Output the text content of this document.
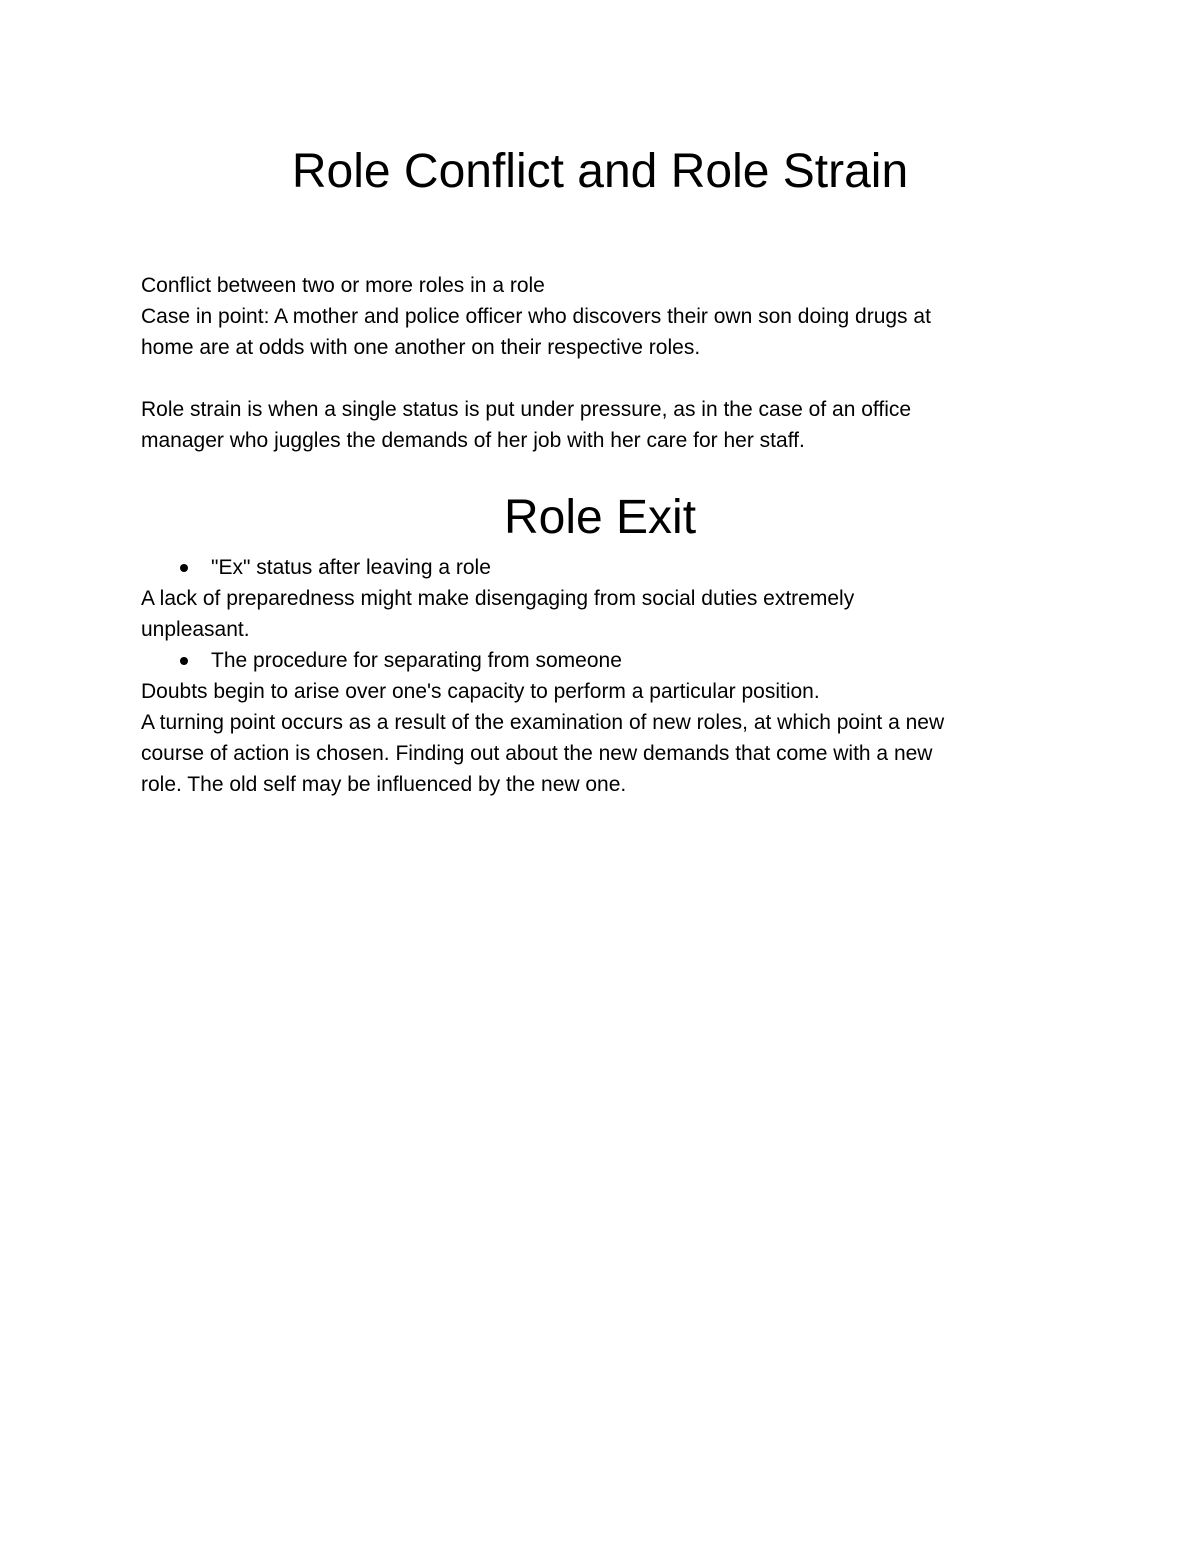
Role Conflict and Role Strain

Conflict between two or more roles in a role

Case in point: A mother and police officer who discovers their own son doing drugs at

home are at odds with one another on their respective roles.

Role strain is when a single status is put under pressure, as in the case of an office

manager who juggles the demands of her job with her care for her staff.

Role Exit

"Ex" status after leaving a role

A lack of preparedness might make disengaging from social duties extremely

unpleasant.

The procedure for separating from someone

Doubts begin to arise over one's capacity to perform a particular position.

A turning point occurs as a result of the examination of new roles, at which point a new

course of action is chosen. Finding out about the new demands that come with a new

role. The old self may be influenced by the new one.
